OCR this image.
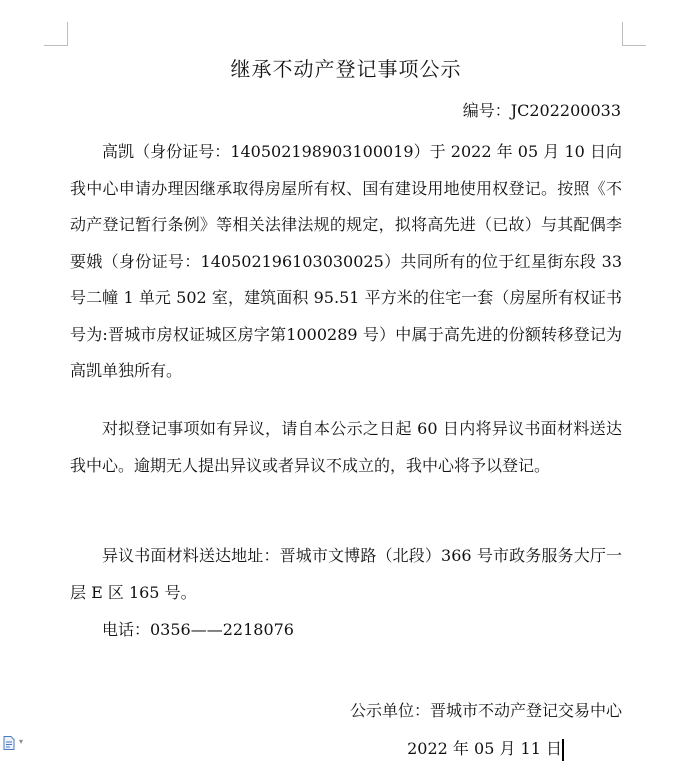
继承不动产登记事项公示
编号：JC202200033

高凯（身份证号：140502198903100019）于 2022 年 05 月 10 日向我中心申请办理因继承取得房屋所有权、国有建设用地使用权登记。按照《不动产登记暂行条例》等相关法律法规的规定，拟将高先进（已故）与其配偶李要娥（身份证号：140502196103030025）共同所有的位于红星街东段 33 号二幢 1 单元 502 室，建筑面积 95.51 平方米的住宅一套（房屋所有权证书号为:晋城市房权证城区房字第1000289 号）中属于高先进的份额转移登记为高凯单独所有。

对拟登记事项如有异议，请自本公示之日起 60 日内将异议书面材料送达我中心。逾期无人提出异议或者异议不成立的，我中心将予以登记。

异议书面材料送达地址：晋城市文博路（北段）366 号市政务服务大厅一层 E 区 165 号。

电话：0356——2218076

公示单位：晋城市不动产登记交易中心
2022 年 05 月 11 日
▾
